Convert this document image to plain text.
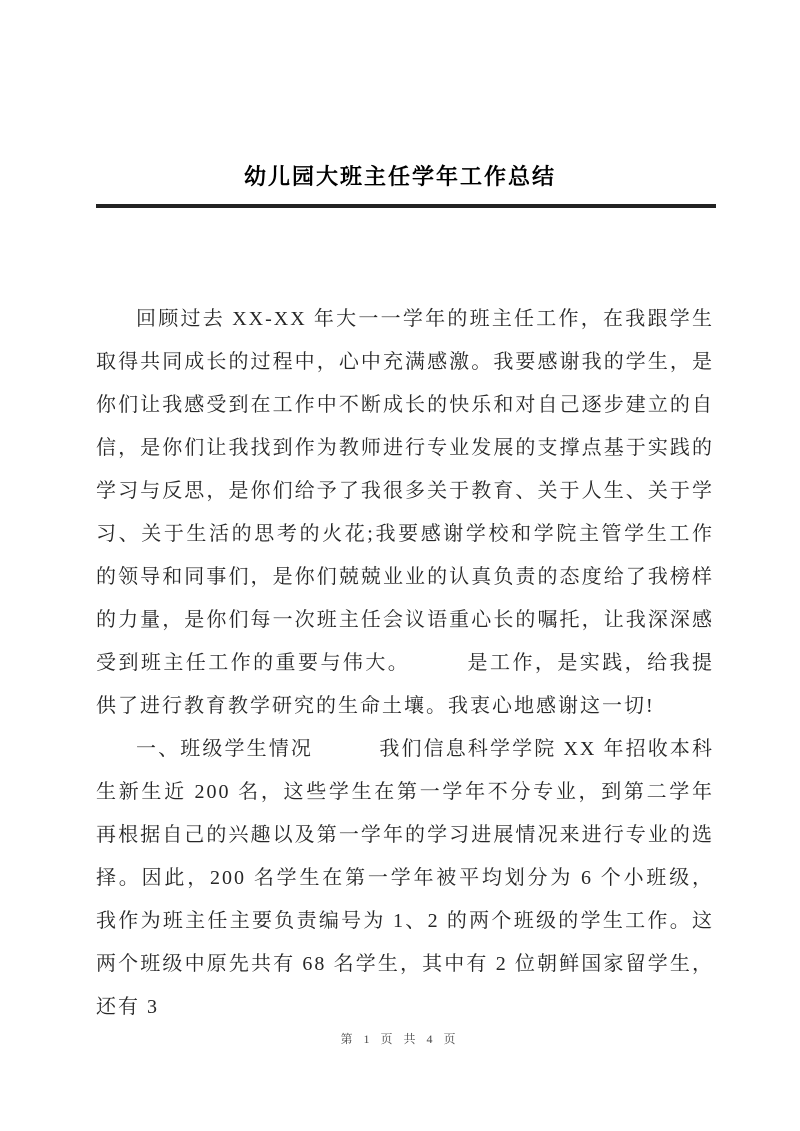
幼儿园大班主任学年工作总结

回顾过去 XX-XX 年大一一学年的班主任工作，在我跟学生取得共同成长的过程中，心中充满感激。我要感谢我的学生，是你们让我感受到在工作中不断成长的快乐和对自己逐步建立的自信，是你们让我找到作为教师进行专业发展的支撑点基于实践的学习与反思，是你们给予了我很多关于教育、关于人生、关于学习、关于生活的思考的火花;我要感谢学校和学院主管学生工作的领导和同事们，是你们兢兢业业的认真负责的态度给了我榜样的力量，是你们每一次班主任会议语重心长的嘱托，让我深深感受到班主任工作的重要与伟大。　　　是工作，是实践，给我提供了进行教育教学研究的生命土壤。我衷心地感谢这一切!

一、班级学生情况　　　我们信息科学学院 XX 年招收本科生新生近 200 名，这些学生在第一学年不分专业，到第二学年再根据自己的兴趣以及第一学年的学习进展情况来进行专业的选择。因此，200 名学生在第一学年被平均划分为 6 个小班级，我作为班主任主要负责编号为 1、2 的两个班级的学生工作。这两个班级中原先共有 68 名学生，其中有 2 位朝鲜国家留学生，还有 3

第 1 页 共 4 页
